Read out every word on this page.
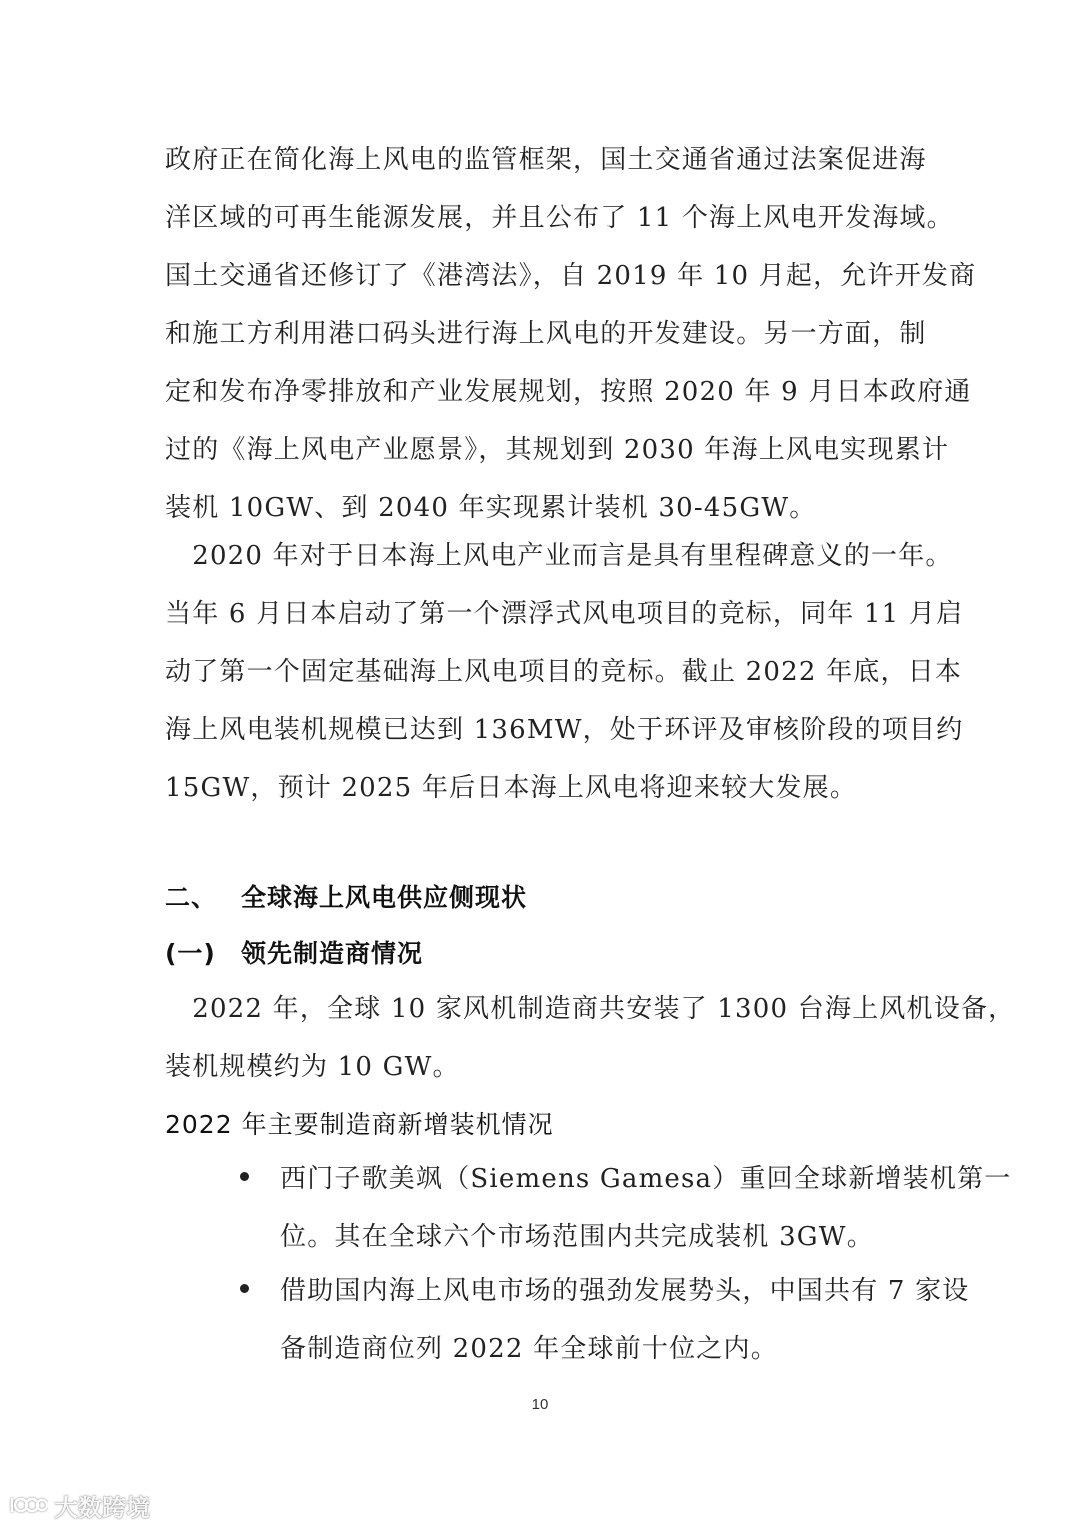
政府正在简化海上风电的监管框架，国土交通省通过法案促进海
洋区域的可再生能源发展，并且公布了 11 个海上风电开发海域。
国土交通省还修订了《港湾法》，自 2019 年 10 月起，允许开发商
和施工方利用港口码头进行海上风电的开发建设。另一方面，制
定和发布净零排放和产业发展规划，按照 2020 年 9 月日本政府通
过的《海上风电产业愿景》，其规划到 2030 年海上风电实现累计
装机 10GW、到 2040 年实现累计装机 30-45GW。
　2020 年对于日本海上风电产业而言是具有里程碑意义的一年。
当年 6 月日本启动了第一个漂浮式风电项目的竞标，同年 11 月启
动了第一个固定基础海上风电项目的竞标。截止 2022 年底，日本
海上风电装机规模已达到 136MW，处于环评及审核阶段的项目约
15GW，预计 2025 年后日本海上风电将迎来较大发展。
二、 全球海上风电供应侧现状
(一) 领先制造商情况
　2022 年，全球 10 家风机制造商共安装了 1300 台海上风机设备，
装机规模约为 10 GW。
2022 年主要制造商新增装机情况
西门子歌美飒（Siemens Gamesa）重回全球新增装机第一
位。其在全球六个市场范围内共完成装机 3GW。
借助国内海上风电市场的强劲发展势头，中国共有 7 家设
备制造商位列 2022 年全球前十位之内。
10
大数跨境
